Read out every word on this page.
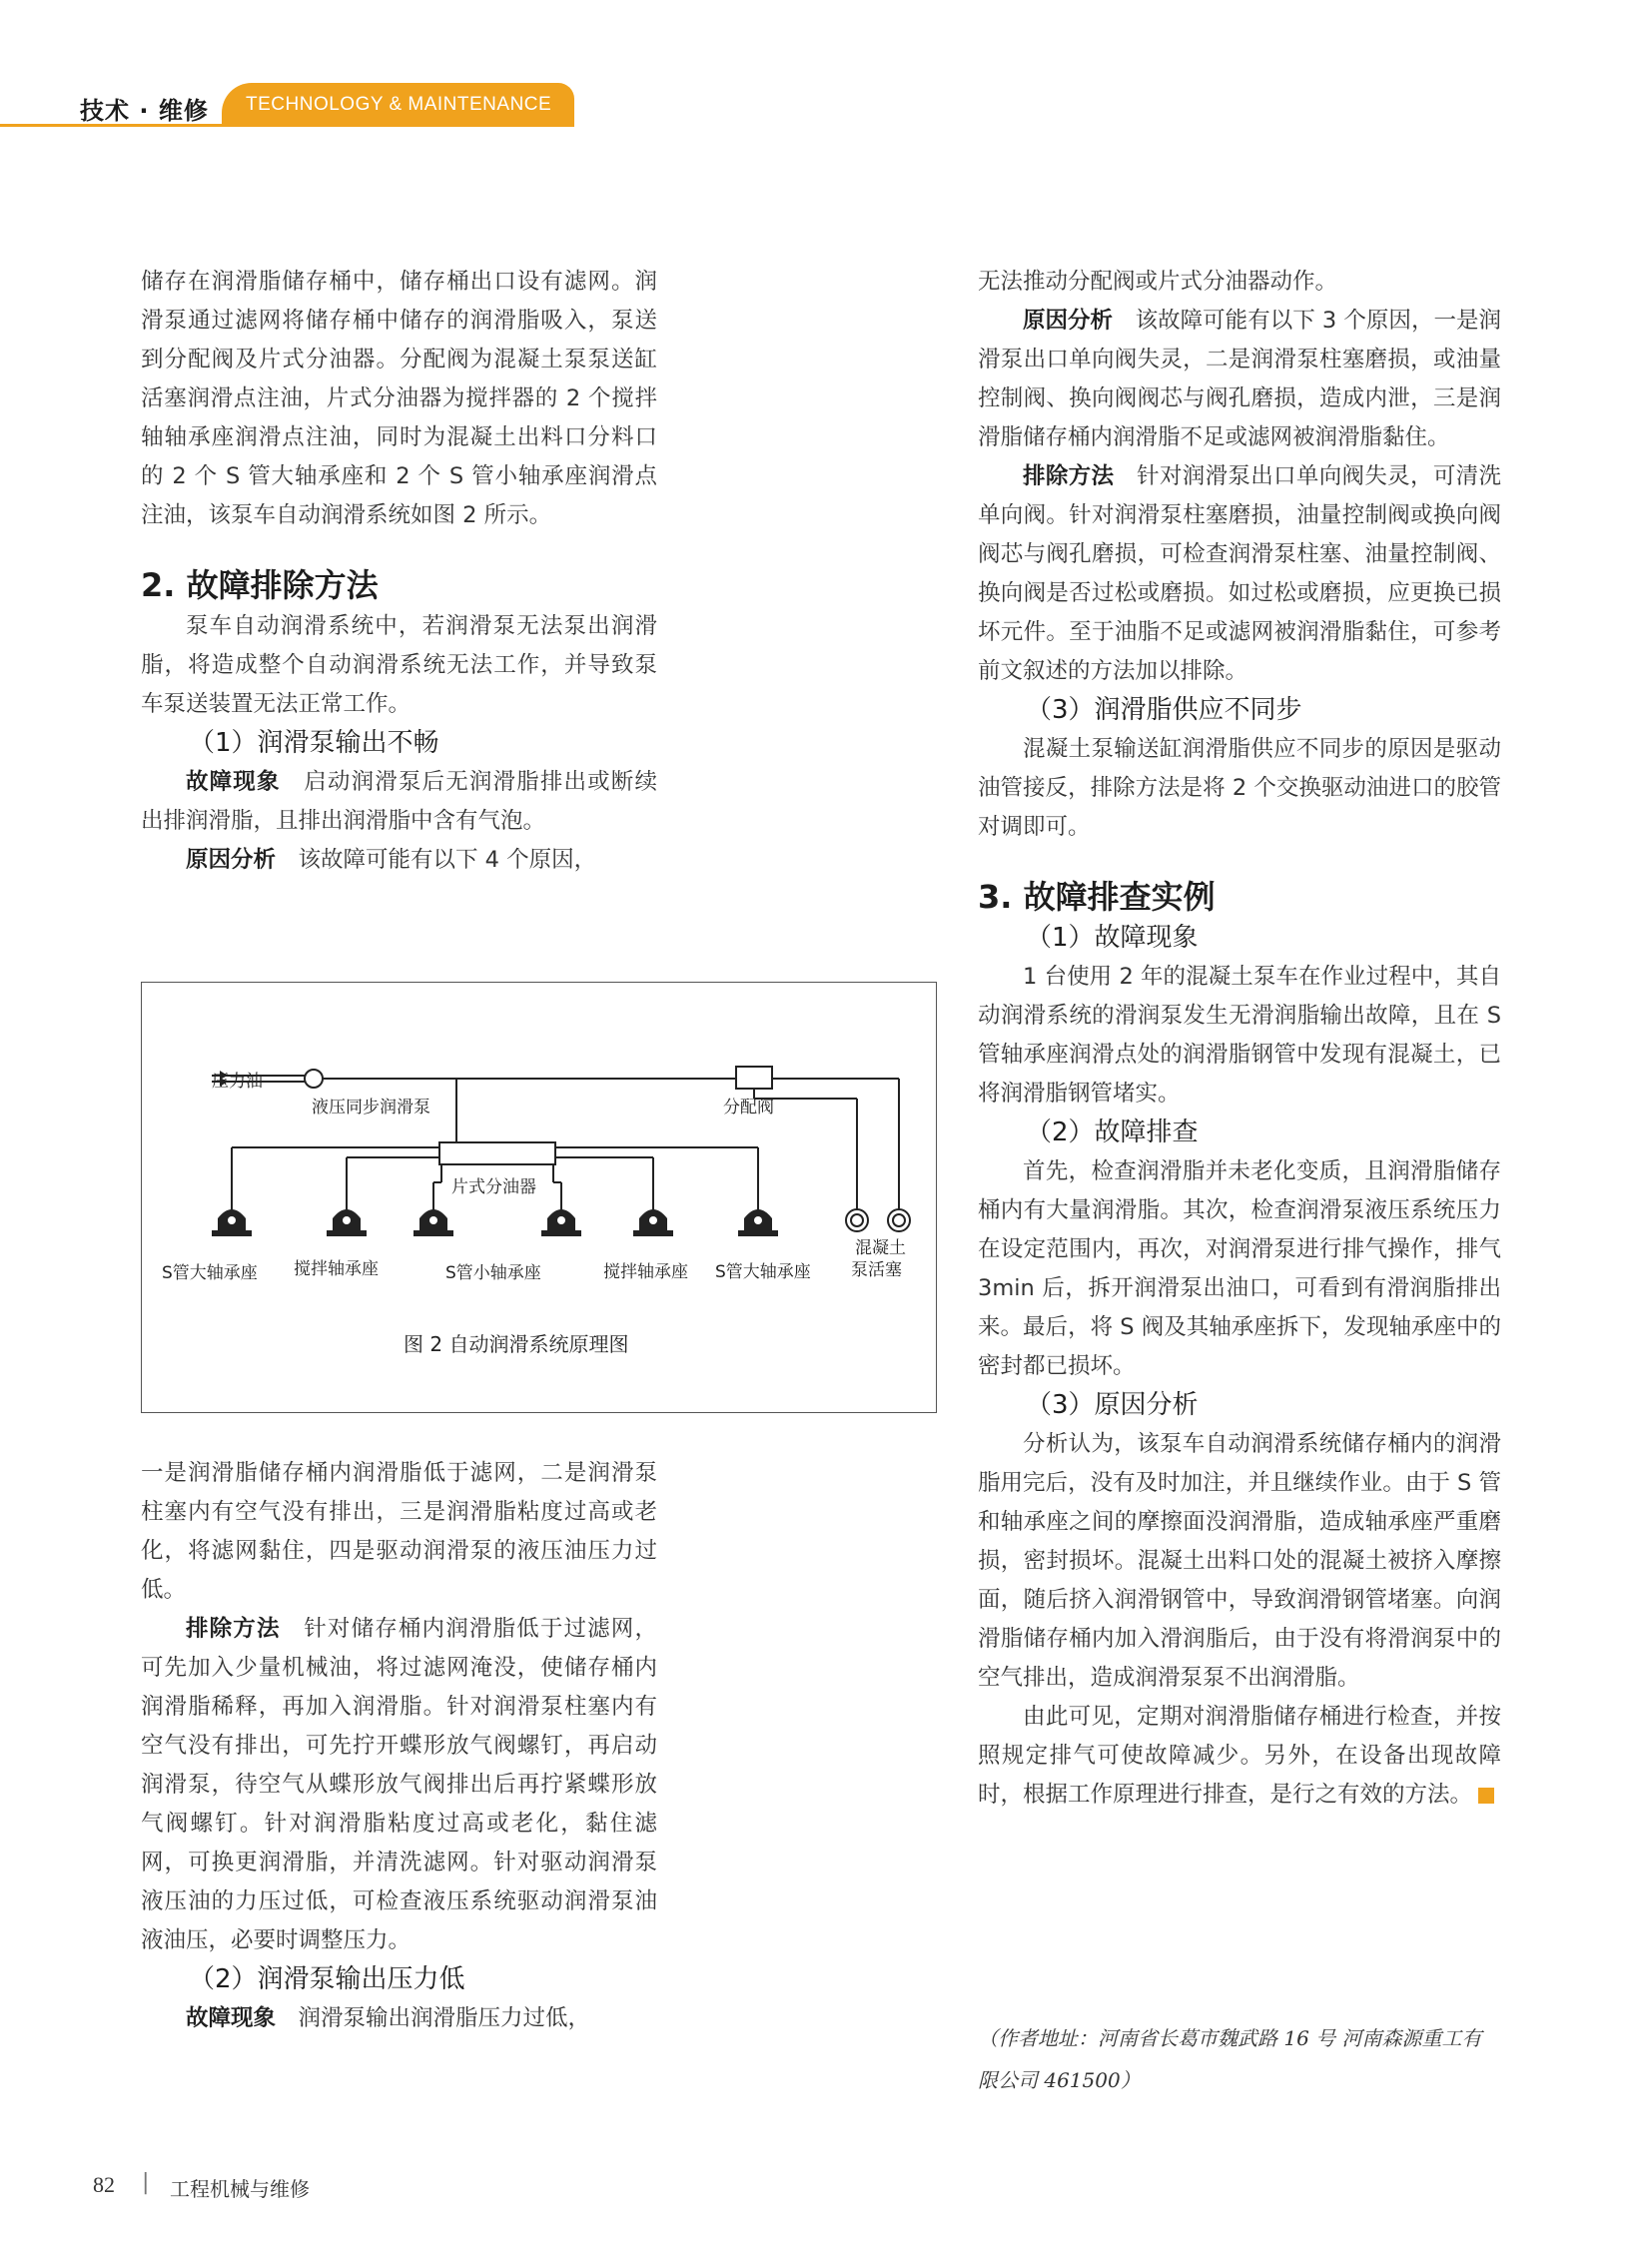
TECHNOLOGY & MAINTENANCE
技术 · 维修

储存在润滑脂储存桶中，储存桶出口设有滤网。润滑泵通过滤网将储存桶中储存的润滑脂吸入，泵送到分配阀及片式分油器。分配阀为混凝土泵泵送缸活塞润滑点注油，片式分油器为搅拌器的 2 个搅拌轴轴承座润滑点注油，同时为混凝土出料口分料口的 2 个 S 管大轴承座和 2 个 S 管小轴承座润滑点注油，该泵车自动润滑系统如图 2 所示。

2. 故障排除方法

泵车自动润滑系统中，若润滑泵无法泵出润滑脂，将造成整个自动润滑系统无法工作，并导致泵车泵送装置无法正常工作。

（1）润滑泵输出不畅

故障现象　 启动润滑泵后无润滑脂排出或断续出排润滑脂，且排出润滑脂中含有气泡。

原因分析　 该故障可能有以下 4 个原因，

压力油
液压同步润滑泵	分配阀
片式分油器
S管大轴承座 搅拌轴承座	S管小轴承座	搅拌轴承座 S管大轴承座
混凝土
泵活塞
图 2 自动润滑系统原理图

一是润滑脂储存桶内润滑脂低于滤网，二是润滑泵柱塞内有空气没有排出，三是润滑脂粘度过高或老化，将滤网黏住，四是驱动润滑泵的液压油压力过低。

排除方法　 针对储存桶内润滑脂低于过滤网，可先加入少量机械油，将过滤网淹没，使储存桶内润滑脂稀释，再加入润滑脂。针对润滑泵柱塞内有空气没有排出，可先拧开蝶形放气阀螺钉，再启动润滑泵，待空气从蝶形放气阀排出后再拧紧蝶形放气阀螺钉。针对润滑脂粘度过高或老化，黏住滤网，可换更润滑脂，并清洗滤网。针对驱动润滑泵液压油的力压过低，可检查液压系统驱动润滑泵油液油压，必要时调整压力。

（2）润滑泵输出压力低

故障现象　 润滑泵输出润滑脂压力过低，

无法推动分配阀或片式分油器动作。

原因分析　 该故障可能有以下 3 个原因，一是润滑泵出口单向阀失灵，二是润滑泵柱塞磨损，或油量控制阀、换向阀阀芯与阀孔磨损，造成内泄，三是润滑脂储存桶内润滑脂不足或滤网被润滑脂黏住。

排除方法　 针对润滑泵出口单向阀失灵，可清洗单向阀。针对润滑泵柱塞磨损，油量控制阀或换向阀阀芯与阀孔磨损，可检查润滑泵柱塞、油量控制阀、换向阀是否过松或磨损。如过松或磨损，应更换已损坏元件。至于油脂不足或滤网被润滑脂黏住，可参考前文叙述的方法加以排除。

（3）润滑脂供应不同步

混凝土泵输送缸润滑脂供应不同步的原因是驱动油管接反，排除方法是将 2 个交换驱动油进口的胶管对调即可。

3. 故障排查实例

（1）故障现象

1 台使用 2 年的混凝土泵车在作业过程中，其自动润滑系统的滑润泵发生无滑润脂输出故障，且在 S 管轴承座润滑点处的润滑脂钢管中发现有混凝土，已将润滑脂钢管堵实。

（2）故障排查

首先，检查润滑脂并未老化变质，且润滑脂储存桶内有大量润滑脂。其次，检查润滑泵液压系统压力在设定范围内，再次，对润滑泵进行排气操作，排气 3min 后，拆开润滑泵出油口，可看到有滑润脂排出来。最后，将 S 阀及其轴承座拆下，发现轴承座中的密封都已损坏。

（3）原因分析

分析认为，该泵车自动润滑系统储存桶内的润滑脂用完后，没有及时加注，并且继续作业。由于 S 管和轴承座之间的摩擦面没润滑脂，造成轴承座严重磨损，密封损坏。混凝土出料口处的混凝土被挤入摩擦面，随后挤入润滑钢管中，导致润滑钢管堵塞。向润滑脂储存桶内加入滑润脂后，由于没有将滑润泵中的空气排出，造成润滑泵泵不出润滑脂。

由此可见，定期对润滑脂储存桶进行检查，并按照规定排气可使故障减少。另外，在设备出现故障时，根据工作原理进行排查，是行之有效的方法。

（作者地址：河南省长葛市魏武路 16 号 河南森源重工有限公司 461500）
82 | 工程机械与维修
